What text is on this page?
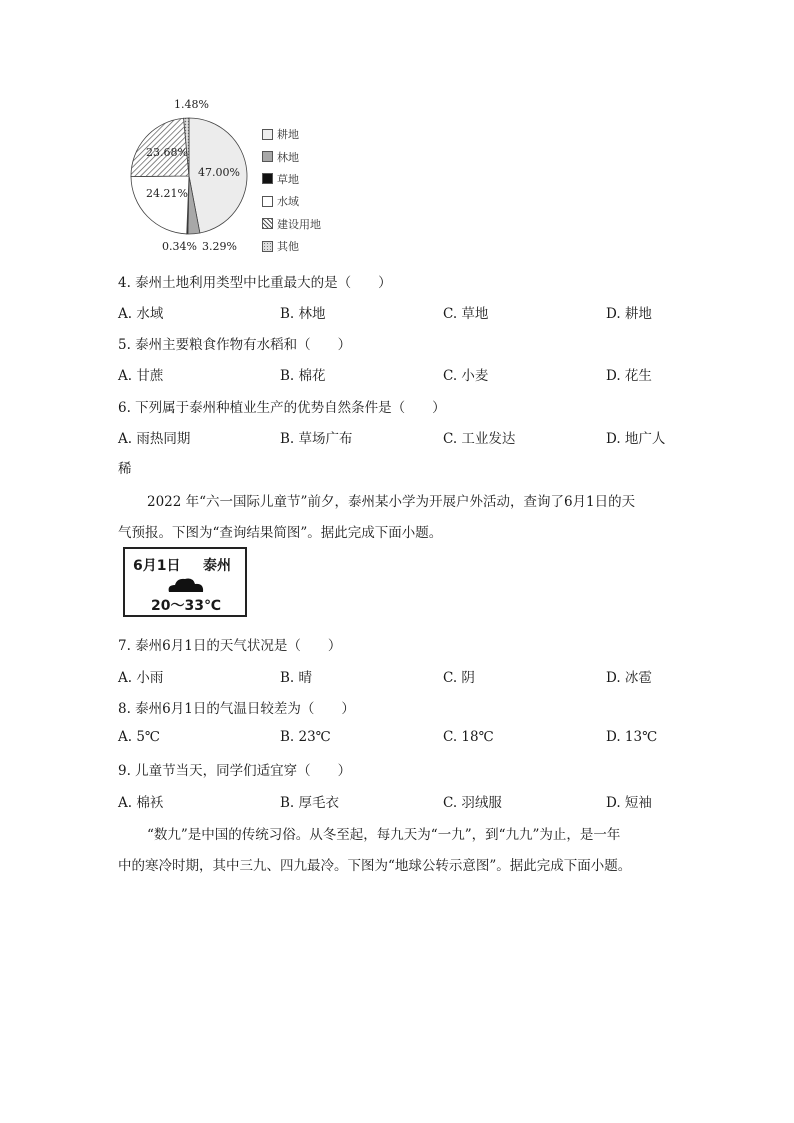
1.48%
23.68%
47.00%
24.21%
0.34% 3.29%
耕地
林地
草地
水域
建设用地
其他
4. 泰州土地利用类型中比重最大的是（　　）
A. 水域	B. 林地	C. 草地	D. 耕地
5. 泰州主要粮食作物有水稻和（　　）
A. 甘蔗	B. 棉花	C. 小麦	D. 花生
6. 下列属于泰州种植业生产的优势自然条件是（　　）
A. 雨热同期	B. 草场广布	C. 工业发达	D. 地广人
稀
2022 年“六一国际儿童节”前夕，泰州某小学为开展户外活动，查询了6月1日的天
气预报。下图为“查询结果简图”。据此完成下面小题。
6月1日 泰州
20～33℃
7. 泰州6月1日的天气状况是（　　）
A. 小雨	B. 晴	C. 阴	D. 冰雹
8. 泰州6月1日的气温日较差为（　　）
A. 5℃	B. 23℃	C. 18℃	D. 13℃
9. 儿童节当天，同学们适宜穿（　　）
A. 棉袄	B. 厚毛衣	C. 羽绒服	D. 短袖
“数九”是中国的传统习俗。从冬至起，每九天为“一九”，到“九九”为止，是一年
中的寒冷时期，其中三九、四九最冷。下图为“地球公转示意图”。据此完成下面小题。
